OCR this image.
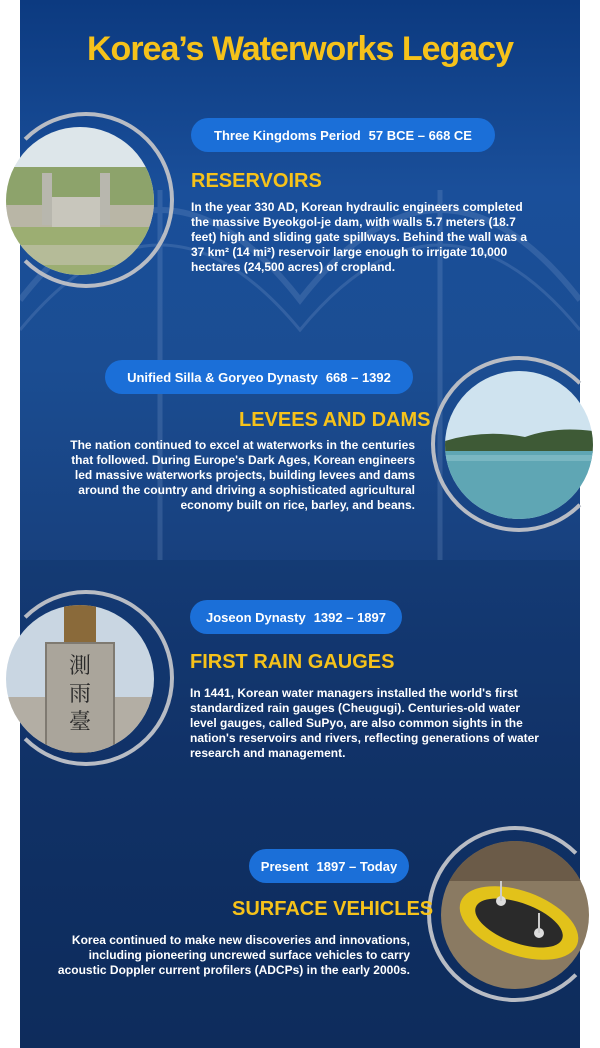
Korea’s Waterworks Legacy
Three Kingdoms Period 57 BCE – 668 CE
RESERVOIRS
In the year 330 AD, Korean hydraulic engineers completed the massive Byeokgol-je dam, with walls 5.7 meters (18.7 feet) high and sliding gate spillways. Behind the wall was a 37 km² (14 mi²) reservoir large enough to irrigate 10,000 hectares (24,500 acres) of cropland.
Unified Silla & Goryeo Dynasty 668 – 1392
LEVEES AND DAMS
The nation continued to excel at waterworks in the centuries that followed. During Europe's Dark Ages, Korean engineers led massive waterworks projects, building levees and dams around the country and driving a sophisticated agricultural economy built on rice, barley, and beans.
測
雨
臺
Joseon Dynasty 1392 – 1897
FIRST RAIN GAUGES
In 1441, Korean water managers installed the world's first standardized rain gauges (Cheugugi). Centuries-old water level gauges, called SuPyo, are also common sights in the nation's reservoirs and rivers, reflecting generations of water research and management.
Present 1897 – Today
SURFACE VEHICLES
Korea continued to make new discoveries and innovations, including pioneering uncrewed surface vehicles to carry acoustic Doppler current profilers (ADCPs) in the early 2000s.
